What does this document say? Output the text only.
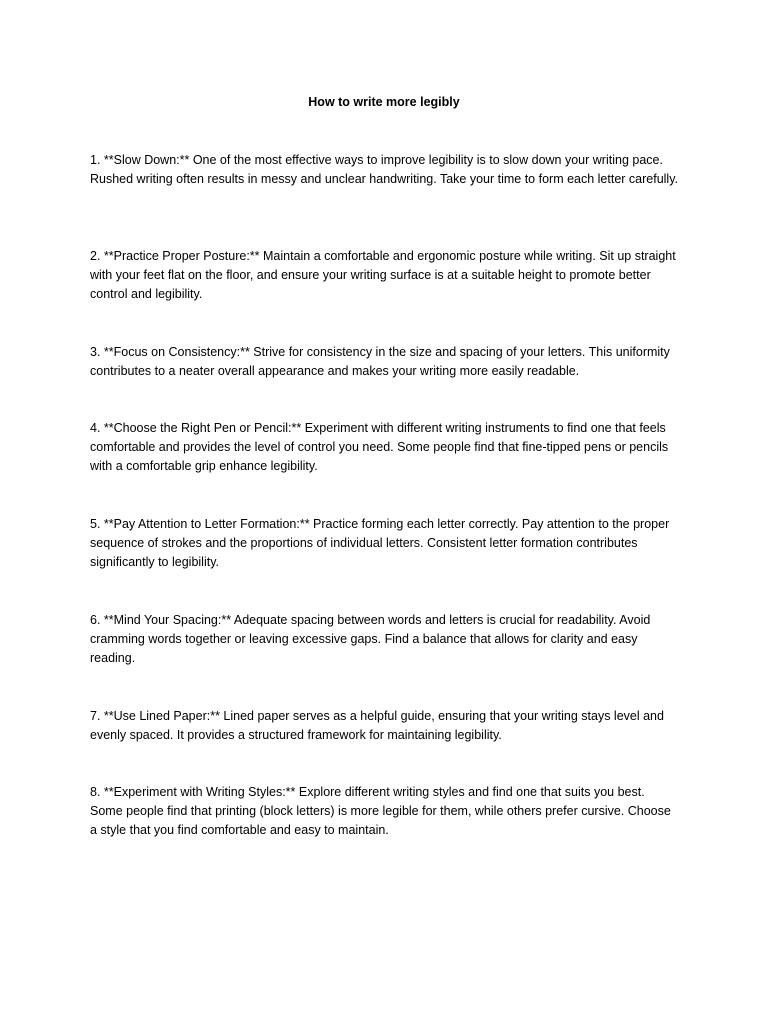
How to write more legibly

1. **Slow Down:** One of the most effective ways to improve legibility is to slow down your writing pace. Rushed writing often results in messy and unclear handwriting. Take your time to form each letter carefully.

2. **Practice Proper Posture:** Maintain a comfortable and ergonomic posture while writing. Sit up straight with your feet flat on the floor, and ensure your writing surface is at a suitable height to promote better control and legibility.

3. **Focus on Consistency:** Strive for consistency in the size and spacing of your letters. This uniformity contributes to a neater overall appearance and makes your writing more easily readable.

4. **Choose the Right Pen or Pencil:** Experiment with different writing instruments to find one that feels comfortable and provides the level of control you need. Some people find that fine-tipped pens or pencils with a comfortable grip enhance legibility.

5. **Pay Attention to Letter Formation:** Practice forming each letter correctly. Pay attention to the proper sequence of strokes and the proportions of individual letters. Consistent letter formation contributes significantly to legibility.

6. **Mind Your Spacing:** Adequate spacing between words and letters is crucial for readability. Avoid cramming words together or leaving excessive gaps. Find a balance that allows for clarity and easy reading.

7. **Use Lined Paper:** Lined paper serves as a helpful guide, ensuring that your writing stays level and evenly spaced. It provides a structured framework for maintaining legibility.

8. **Experiment with Writing Styles:** Explore different writing styles and find one that suits you best. Some people find that printing (block letters) is more legible for them, while others prefer cursive. Choose a style that you find comfortable and easy to maintain.
